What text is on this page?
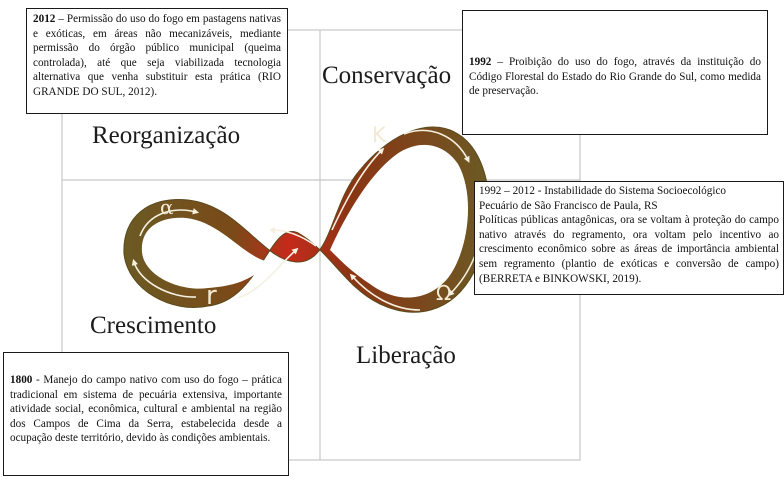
α
K
r	Ω
Conservação
Reorganização
Crescimento
Liberação
2012 – Permissão do uso do fogo em pastagens nativas e exóticas, em áreas não mecanizáveis, mediante permissão do órgão público municipal (queima controlada), até que seja viabilizada tecnologia alternativa que venha substituir esta prática (RIO GRANDE DO SUL, 2012).
1992 – Proibição do uso do fogo, através da instituição do Código Florestal do Estado do Rio Grande do Sul, como medida de preservação.
1992 – 2012 - Instabilidade do Sistema Socioecológico
Pecuário de São Francisco de Paula, RS
Políticas públicas antagônicas, ora se voltam à proteção do campo nativo através do regramento, ora voltam pelo incentivo ao crescimento econômico sobre as áreas de importância ambiental sem regramento (plantio de exóticas e conversão de campo) (BERRETA e BINKOWSKI, 2019).
1800 - Manejo do campo nativo com uso do fogo – prática tradicional em sistema de pecuária extensiva, importante atividade social, econômica, cultural e ambiental na região dos Campos de Cima da Serra, estabelecida desde a ocupação deste território, devido às condições ambientais.
